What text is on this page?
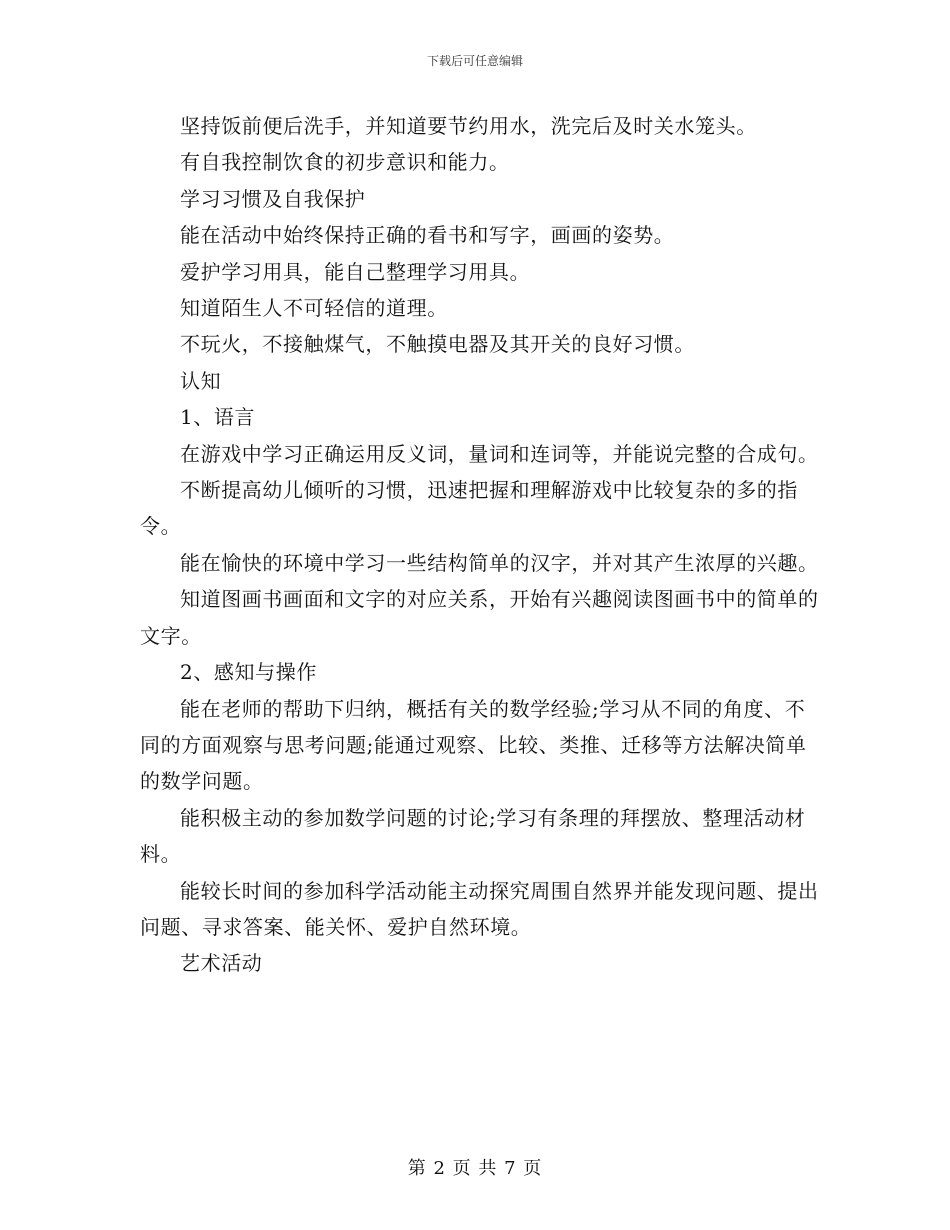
下载后可任意编辑

坚持饭前便后洗手，并知道要节约用水，洗完后及时关水笼头。

有自我控制饮食的初步意识和能力。

学习习惯及自我保护

能在活动中始终保持正确的看书和写字，画画的姿势。

爱护学习用具，能自己整理学习用具。

知道陌生人不可轻信的道理。

不玩火，不接触煤气，不触摸电器及其开关的良好习惯。

认知

1、语言

在游戏中学习正确运用反义词，量词和连词等，并能说完整的合成句。

不断提高幼儿倾听的习惯，迅速把握和理解游戏中比较复杂的多的指令。

能在愉快的环境中学习一些结构简单的汉字，并对其产生浓厚的兴趣。

知道图画书画面和文字的对应关系，开始有兴趣阅读图画书中的简单的文字。

2、感知与操作

能在老师的帮助下归纳，概括有关的数学经验;学习从不同的角度、不同的方面观察与思考问题;能通过观察、比较、类推、迁移等方法解决简单的数学问题。

能积极主动的参加数学问题的讨论;学习有条理的拜摆放、整理活动材料。

能较长时间的参加科学活动能主动探究周围自然界并能发现问题、提出问题、寻求答案、能关怀、爱护自然环境。

艺术活动

第 2 页 共 7 页
